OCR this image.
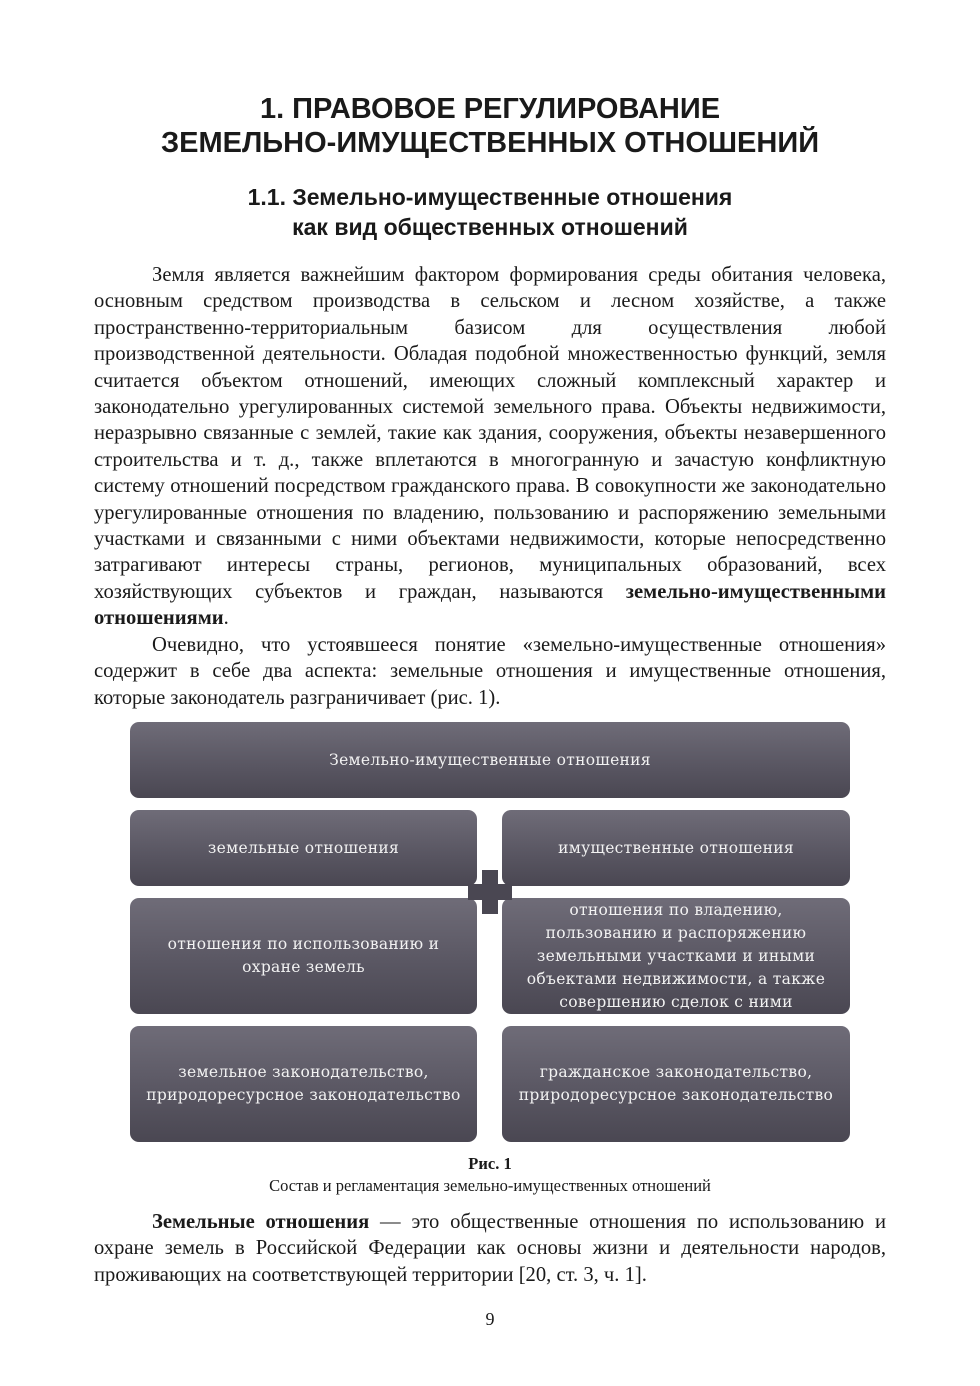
1. ПРАВОВОЕ РЕГУЛИРОВАНИЕ
ЗЕМЕЛЬНО-ИМУЩЕСТВЕННЫХ ОТНОШЕНИЙ
1.1. Земельно-имущественные отношения
как вид общественных отношений

Земля является важнейшим фактором формирования среды обитания человека, основным средством производства в сельском и лесном хозяйстве, а также пространственно-территориальным базисом для осуществления любой производственной деятельности. Обладая подобной множественностью функций, земля считается объектом отношений, имеющих сложный комплексный характер и законодательно урегулированных системой земельного права. Объекты недвижимости, неразрывно связанные с землей, такие как здания, сооружения, объекты незавершенного строительства и т. д., также вплетаются в многогранную и зачастую конфликтную систему отношений посредством гражданского права. В совокупности же законодательно урегулированные отношения по владению, пользованию и распоряжению земельными участками и связанными с ними объектами недвижимости, которые непосредственно затрагивают интересы страны, регионов, муниципальных образований, всех хозяйствующих субъектов и граждан, называются земельно-имущественными отношениями.

Очевидно, что устоявшееся понятие «земельно-имущественные отношения» содержит в себе два аспекта: земельные отношения и имущественные отношения, которые законодатель разграничивает (рис. 1).

Земельно-имущественные отношения
земельные отношения	имущественные отношения
отношения по использованию и охране земель
отношения по владению, пользованию и распоряжению земельными участками и иными объектами недвижимости, а также совершению сделок с ними
земельное законодательство, природоресурсное законодательство
гражданское законодательство, природоресурсное законодательство
Рис. 1
Состав и регламентация земельно-имущественных отношений

Земельные отношения — это общественные отношения по использованию и охране земель в Российской Федерации как основы жизни и деятельности народов, проживающих на соответствующей территории [20, ст. 3, ч. 1].

9
